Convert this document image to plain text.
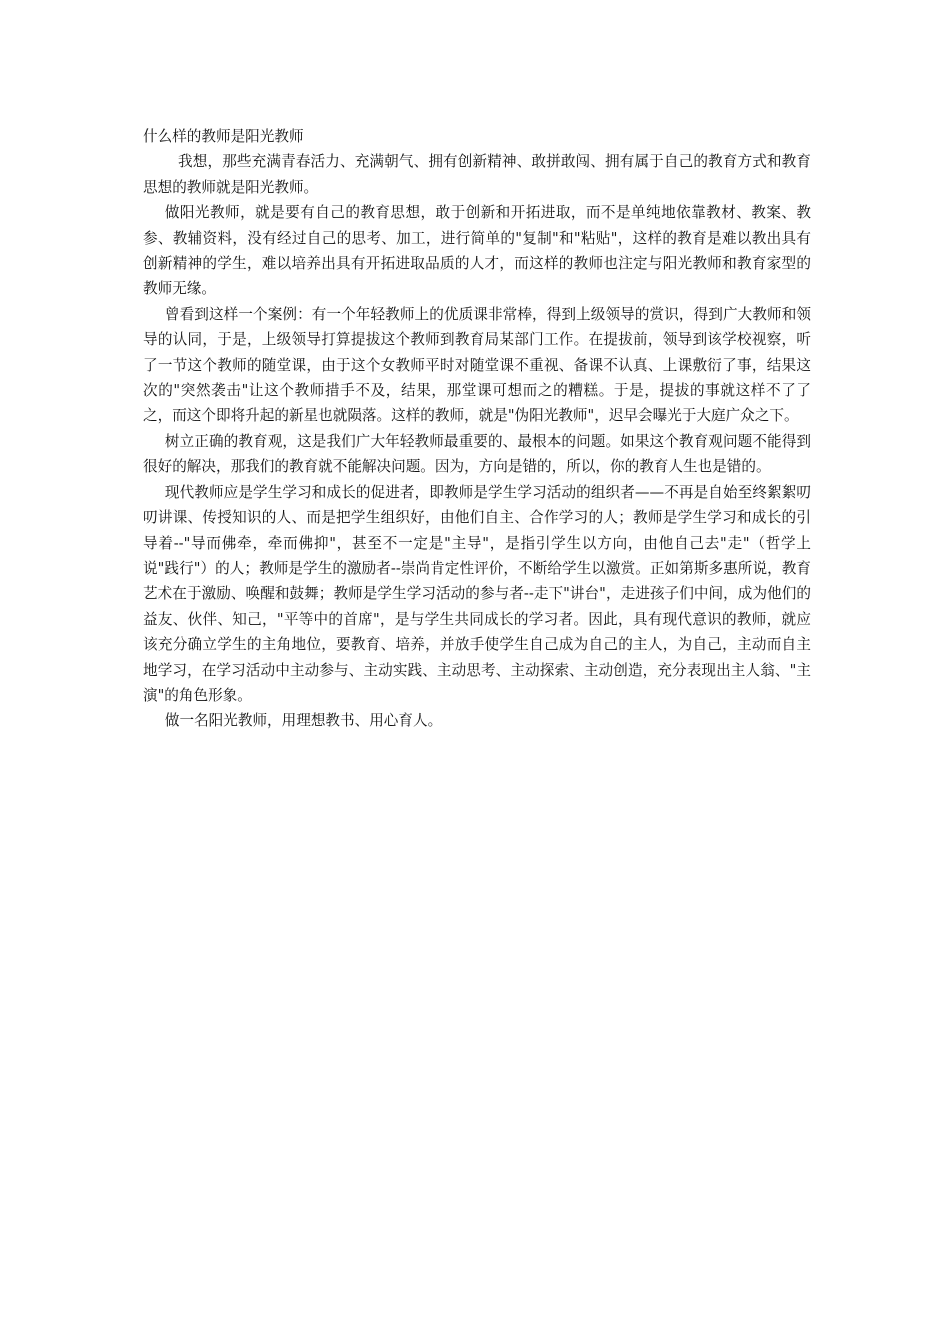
什么样的教师是阳光教师

我想，那些充满青春活力、充满朝气、拥有创新精神、敢拼敢闯、拥有属于自己的教育方式和教育思想的教师就是阳光教师。

做阳光教师，就是要有自己的教育思想，敢于创新和开拓进取，而不是单纯地依靠教材、教案、教参、教辅资料，没有经过自己的思考、加工，进行简单的"复制"和"粘贴"，这样的教育是难以教出具有创新精神的学生，难以培养出具有开拓进取品质的人才，而这样的教师也注定与阳光教师和教育家型的教师无缘。

曾看到这样一个案例：有一个年轻教师上的优质课非常棒，得到上级领导的赏识，得到广大教师和领导的认同，于是，上级领导打算提拔这个教师到教育局某部门工作。在提拔前，领导到该学校视察，听了一节这个教师的随堂课，由于这个女教师平时对随堂课不重视、备课不认真、上课敷衍了事，结果这次的"突然袭击"让这个教师措手不及，结果，那堂课可想而之的糟糕。于是，提拔的事就这样不了了之，而这个即将升起的新星也就陨落。这样的教师，就是"伪阳光教师"，迟早会曝光于大庭广众之下。

树立正确的教育观，这是我们广大年轻教师最重要的、最根本的问题。如果这个教育观问题不能得到很好的解决，那我们的教育就不能解决问题。因为，方向是错的，所以，你的教育人生也是错的。

现代教师应是学生学习和成长的促进者，即教师是学生学习活动的组织者——不再是自始至终絮絮叨叨讲课、传授知识的人、而是把学生组织好，由他们自主、合作学习的人；教师是学生学习和成长的引导着--"导而佛牵，牵而佛抑"，甚至不一定是"主导"，是指引学生以方向，由他自己去"走"（哲学上说"践行"）的人；教师是学生的激励者--崇尚肯定性评价，不断给学生以激赏。正如第斯多惠所说，教育艺术在于激励、唤醒和鼓舞；教师是学生学习活动的参与者--走下"讲台"，走进孩子们中间，成为他们的益友、伙伴、知己，"平等中的首席"，是与学生共同成长的学习者。因此，具有现代意识的教师，就应该充分确立学生的主角地位，要教育、培养，并放手使学生自己成为自己的主人，为自己，主动而自主地学习，在学习活动中主动参与、主动实践、主动思考、主动探索、主动创造，充分表现出主人翁、"主演"的角色形象。

做一名阳光教师，用理想教书、用心育人。
